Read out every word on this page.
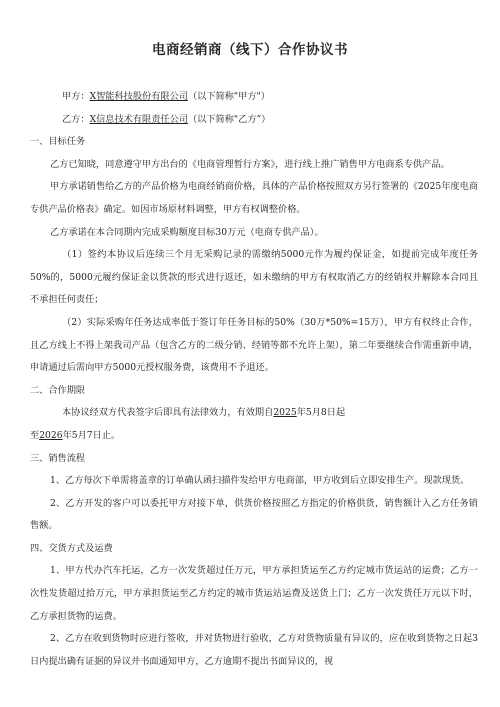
电商经销商（线下）合作协议书

甲方：X智能科技股份有限公司（以下简称"甲方"）

乙方：X信息技术有限责任公司（以下简称"乙方”）

一、目标任务

乙方已知晓，同意遵守甲方出台的《电商管理暂行方案》，进行线上推广销售甲方电商系专供产品。

甲方承诺销售给乙方的产品价格为电商经销商价格，具体的产品价格按照双方另行签署的《2025年度电商专供产品价格表》确定。如因市场原材料调整，甲方有权调整价格。

乙方承诺在本合同期内完成采购额度目标30万元（电商专供产品）。

（1）签约本协议后连续三个月无采购记录的需缴纳5000元作为履约保证金，如提前完成年度任务50%的，5000元履约保证金以货款的形式进行返还，如未缴纳的甲方有权取消乙方的经销权并解除本合同且不承担任何责任；

（2）实际采购年任务达成率低于签订年任务目标的50%（30万*50%=15万），甲方有权终止合作，且乙方线上不得上架我司产品（包含乙方的二级分销、经销等都不允许上架），第二年要继续合作需重新申请，申请通过后需向甲方5000元授权服务费，该费用不予退还。

二、合作期限

本协议经双方代表签字后即具有法律效力，有效期自2025年5月8日起

至2026年5月7日止。

三、销售流程

1、乙方每次下单需将盖章的订单确认函扫描件发给甲方电商部，甲方收到后立即安排生产。现款现货。

2、乙方开发的客户可以委托甲方对接下单，供货价格按照乙方指定的价格供货，销售额计入乙方任务销售额。

四、交货方式及运费

1、甲方代办汽车托运，乙方一次发货超过任万元，甲方承担货运至乙方约定城市货运站的运费；乙方一次性发货超过拾万元，甲方承担货运至乙方约定的城市货运站运费及送货上门；乙方一次发货任万元以下时，乙方承担货物的运费。

2、乙方在收到货物时应进行签收，并对货物进行验收，乙方对货物质量有异议的，应在收到货物之日起3日内提出确有证据的异议并书面通知甲方，乙方逾期不提出书面异议的，视
